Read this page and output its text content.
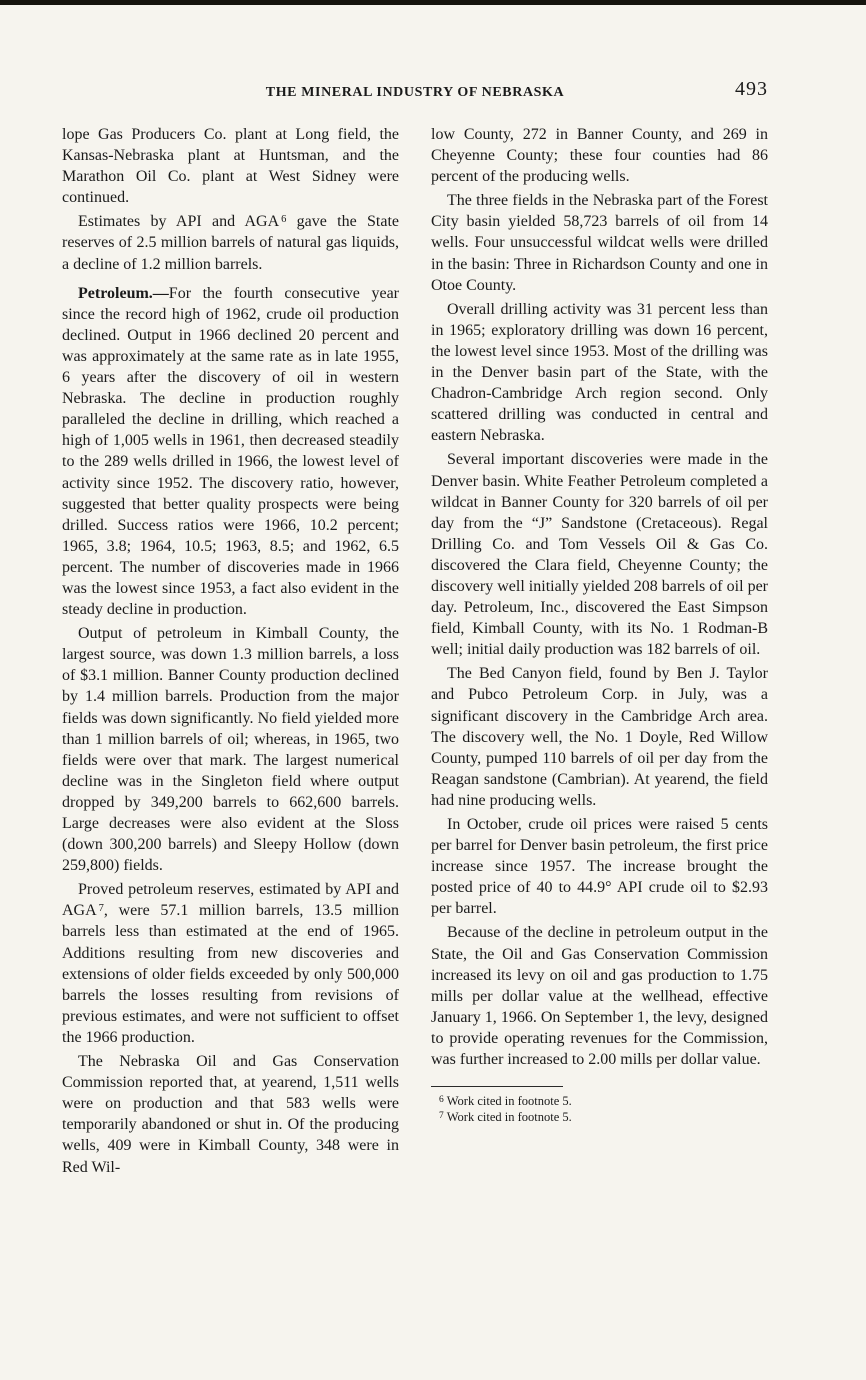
THE MINERAL INDUSTRY OF NEBRASKA	493

lope Gas Producers Co. plant at Long field, the Kansas-Nebraska plant at Huntsman, and the Marathon Oil Co. plant at West Sidney were continued.

Estimates by API and AGA $^6$ gave the State reserves of 2.5 million barrels of natural gas liquids, a decline of 1.2 million barrels.

Petroleum.—For the fourth consecutive year since the record high of 1962, crude oil production declined. Output in 1966 declined 20 percent and was approximately at the same rate as in late 1955, 6 years after the discovery of oil in western Nebraska. The decline in production roughly paralleled the decline in drilling, which reached a high of 1,005 wells in 1961, then decreased steadily to the 289 wells drilled in 1966, the lowest level of activity since 1952. The discovery ratio, however, suggested that better quality prospects were being drilled. Success ratios were 1966, 10.2 percent; 1965, 3.8; 1964, 10.5; 1963, 8.5; and 1962, 6.5 percent. The number of discoveries made in 1966 was the lowest since 1953, a fact also evident in the steady decline in production.

Output of petroleum in Kimball County, the largest source, was down 1.3 million barrels, a loss of $3.1 million. Banner County production declined by 1.4 million barrels. Production from the major fields was down significantly. No field yielded more than 1 million barrels of oil; whereas, in 1965, two fields were over that mark. The largest numerical decline was in the Singleton field where output dropped by 349,200 barrels to 662,600 barrels. Large decreases were also evident at the Sloss (down 300,200 barrels) and Sleepy Hollow (down 259,800) fields.

Proved petroleum reserves, estimated by API and AGA $^7$, were 57.1 million barrels, 13.5 million barrels less than estimated at the end of 1965. Additions resulting from new discoveries and extensions of older fields exceeded by only 500,000 barrels the losses resulting from revisions of previous estimates, and were not sufficient to offset the 1966 production.

The Nebraska Oil and Gas Conservation Commission reported that, at yearend, 1,511 wells were on production and that 583 wells were temporarily abandoned or shut in. Of the producing wells, 409 were in Kimball County, 348 were in Red Wil-

low County, 272 in Banner County, and 269 in Cheyenne County; these four counties had 86 percent of the producing wells.

The three fields in the Nebraska part of the Forest City basin yielded 58,723 barrels of oil from 14 wells. Four unsuccessful wildcat wells were drilled in the basin: Three in Richardson County and one in Otoe County.

Overall drilling activity was 31 percent less than in 1965; exploratory drilling was down 16 percent, the lowest level since 1953. Most of the drilling was in the Denver basin part of the State, with the Chadron-Cambridge Arch region second. Only scattered drilling was conducted in central and eastern Nebraska.

Several important discoveries were made in the Denver basin. White Feather Petroleum completed a wildcat in Banner County for 320 barrels of oil per day from the “J” Sandstone (Cretaceous). Regal Drilling Co. and Tom Vessels Oil & Gas Co. discovered the Clara field, Cheyenne County; the discovery well initially yielded 208 barrels of oil per day. Petroleum, Inc., discovered the East Simpson field, Kimball County, with its No. 1 Rodman-B well; initial daily production was 182 barrels of oil.

The Bed Canyon field, found by Ben J. Taylor and Pubco Petroleum Corp. in July, was a significant discovery in the Cambridge Arch area. The discovery well, the No. 1 Doyle, Red Willow County, pumped 110 barrels of oil per day from the Reagan sandstone (Cambrian). At yearend, the field had nine producing wells.

In October, crude oil prices were raised 5 cents per barrel for Denver basin petroleum, the first price increase since 1957. The increase brought the posted price of 40 to 44.9° API crude oil to $2.93 per barrel.

Because of the decline in petroleum output in the State, the Oil and Gas Conservation Commission increased its levy on oil and gas production to 1.75 mills per dollar value at the wellhead, effective January 1, 1966. On September 1, the levy, designed to provide operating revenues for the Commission, was further increased to 2.00 mills per dollar value.

$^6$ Work cited in footnote 5.
$^7$ Work cited in footnote 5.
